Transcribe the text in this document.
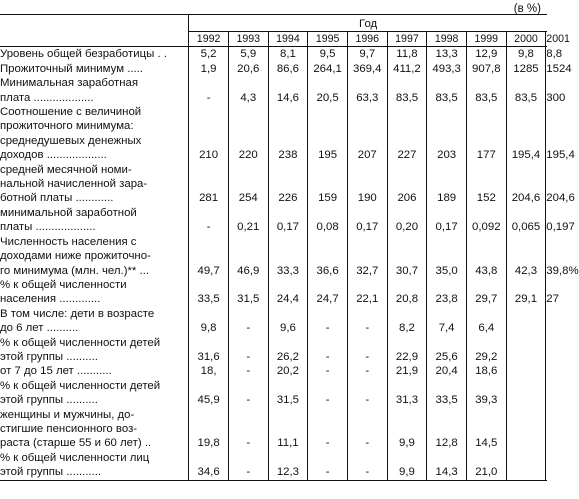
(в %)
	Год									
	1992	1993	1994	1995	1996	1997	1998	1999	2000	2001

Уровень общей безработицы . .	5,2	5,9	8,1	9,5	9,7	11,8	13,3	12,9	9,8	8,8

Прожиточный минимум .....	1,9	20,6	86,6	264,1	369,4	411,2	493,3	907,8	1285	1524

Минимальная заработная
плата ...................	-	4,3	14,6	20,5	63,3	83,5	83,5	83,5	83,5	300

Соотношение с величиной
прожиточного минимума:
среднедушевых денежных
доходов ...................	210	220	238	195	207	227	203	177	195,4	195,4

средней месячной номи-
нальной начисленной зара-
ботной платы ............	281	254	226	159	190	206	189	152	204,6	204,6

минимальной заработной
платы ...................	-	0,21	0,17	0,08	0,17	0,20	0,17	0,092	0,065	0,197

Численность населения с
доходами ниже прожиточно-
го минимума (млн. чел.)** ...	49,7	46,9	33,3	36,6	32,7	30,7	35,0	43,8	42,3	39,8%

% к общей численности
населения .............	33,5	31,5	24,4	24,7	22,1	20,8	23,8	29,7	29,1	27

В том числе: дети в возрасте
до 6 лет ..........	9,8	-	9,6	-	-	8,2	7,4	6,4		

% к общей численности детей
этой группы ..........	31,6	-	26,2	-	-	22,9	25,6	29,2		

от 7 до 15 лет ...........	18,	-	20,2	-	-	21,9	20,4	18,6		

% к общей численности детей
этой группы ..........	45,9	-	31,5	-	-	31,3	33,5	39,3		

женщины и мужчины, до-
стигшие пенсионного воз-
раста (старше 55 и 60 лет) ..	19,8	-	11,1	-	-	9,9	12,8	14,5		

% к общей численности лиц
этой группы ...........	34,6	-	12,3	-	-	9,9	14,3	21,0		
